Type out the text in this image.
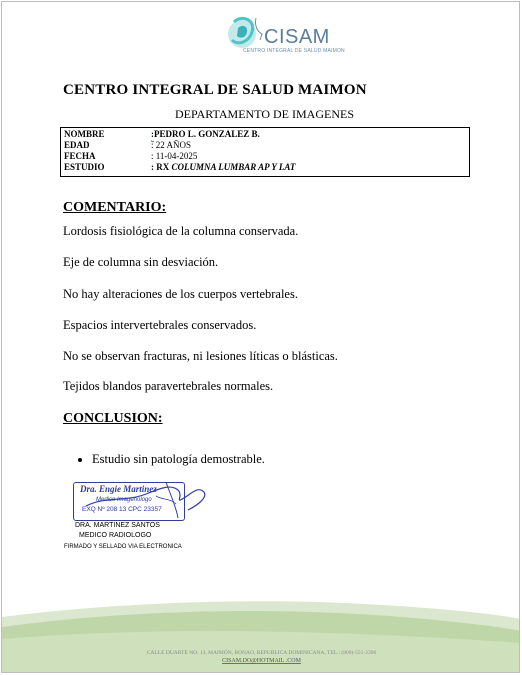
CISAM
CENTRO INTEGRAL DE SALUD MAIMON
CENTRO INTEGRAL DE SALUD MAIMON
DEPARTAMENTO DE IMAGENES
NOMBRE	:PEDRO L. GONZALEZ B.
EDAD	: 22 AÑOS
FECHA	: 11-04-2025
ESTUDIO	: RX COLUMNA LUMBAR AP Y LAT
COMENTARIO:
Lordosis fisiológica de la columna conservada.
Eje de columna sin desviación.
No hay alteraciones de los cuerpos vertebrales.
Espacios intervertebrales conservados.
No se observan fracturas, ni lesiones líticas o blásticas.
Tejidos blandos paravertebrales normales.
CONCLUSION:
Estudio sin patología demostrable.
Dra. Engie Martinez
Medico Imagenologo
EXQ Nº 208 13 CPC 23357
DRA. MARTINEZ SANTOS
MEDICO RADIOLOGO
FIRMADO Y SELLADO VIA ELECTRONICA
CALLE DUARTE NO. 13, MAIMÓN, BONAO, REPUBLICA DOMINICANA, TEL.: (809)-551-2396
CISAM.DO@HOTMAIL .COM
